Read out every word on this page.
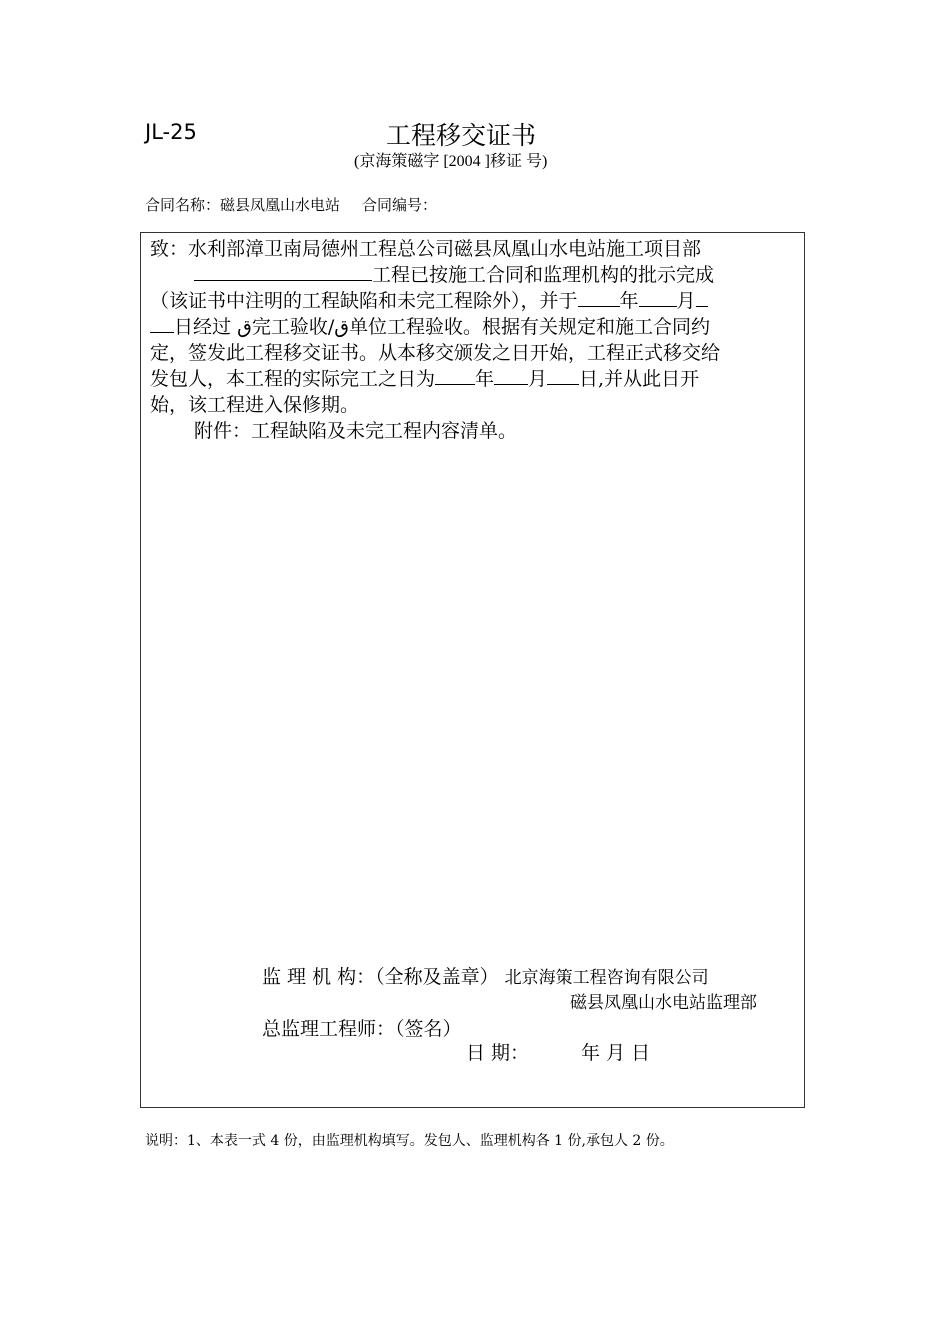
JL-25	工程移交证书
(京海策磁字 [2004 ]移证 号)
合同名称：磁县凤凰山水电站 合同编号：
致：水利部漳卫南局德州工程总公司磁县凤凰山水电站施工项目部
工程已按施工合同和监理机构的批示完成
（该证书中注明的工程缺陷和未完工程除外），并于 年 月
日经过 ق完工验收/ق单位工程验收。根据有关规定和施工合同约
定，签发此工程移交证书。从本移交颁发之日开始，工程正式移交给
发包人，本工程的实际完工之日为 年 月 日,并从此日开
始，该工程进入保修期。
附件：工程缺陷及未完工程内容清单。
监 理 机 构：（全称及盖章） 北京海策工程咨询有限公司
磁县凤凰山水电站监理部
总监理工程师：（签名）
日 期：	年 月 日
说明：1、本表一式 4 份，由监理机构填写。发包人、监理机构各 1 份,承包人 2 份。
